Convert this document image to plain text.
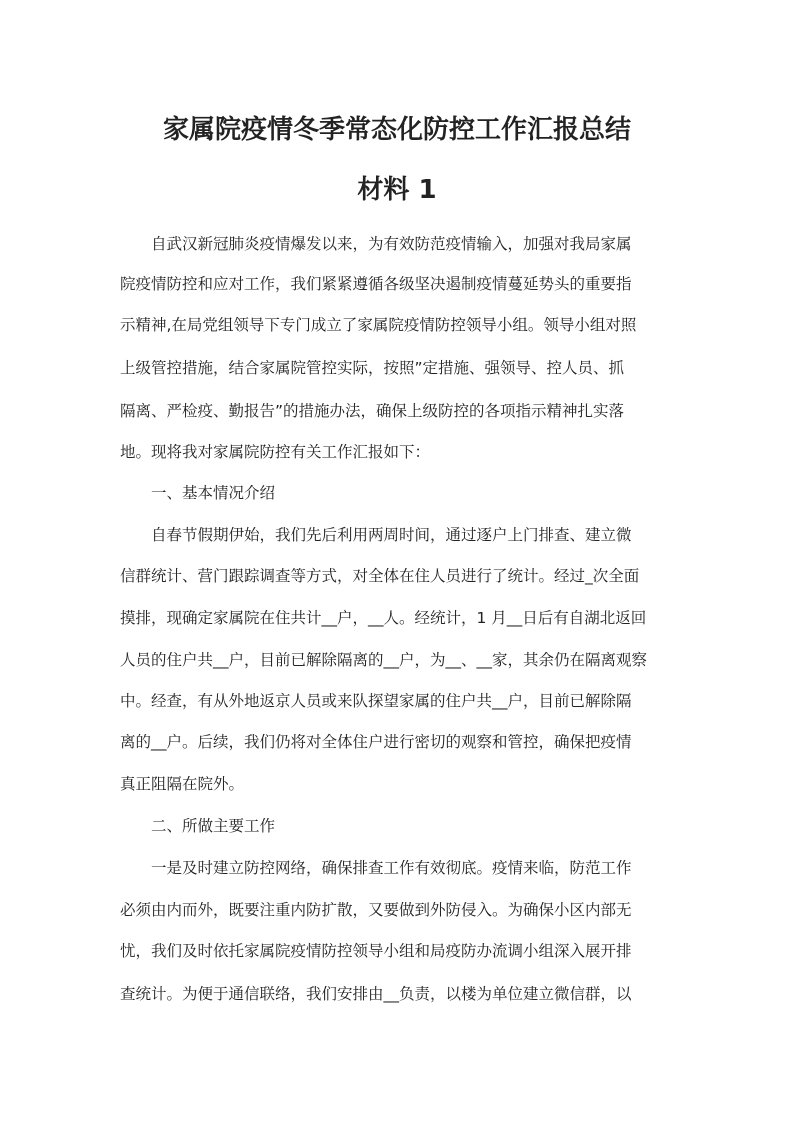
家属院疫情冬季常态化防控工作汇报总结
材料 1
自武汉新冠肺炎疫情爆发以来，为有效防范疫情输入，加强对我局家属
院疫情防控和应对工作，我们紧紧遵循各级坚决遏制疫情蔓延势头的重要指
示精神,在局党组领导下专门成立了家属院疫情防控领导小组。领导小组对照
上级管控措施，结合家属院管控实际，按照”定措施、强领导、控人员、抓
隔离、严检疫、勤报告”的措施办法，确保上级防控的各项指示精神扎实落
地。现将我对家属院防控有关工作汇报如下：
一、基本情况介绍
自春节假期伊始，我们先后利用两周时间，通过逐户上门排查、建立微
信群统计、营门跟踪调查等方式，对全体在住人员进行了统计。经过_次全面
摸排，现确定家属院在住共计__户，__人。经统计，1 月__日后有自湖北返回
人员的住户共__户，目前已解除隔离的__户，为__、__家，其余仍在隔离观察
中。经查，有从外地返京人员或来队探望家属的住户共__户，目前已解除隔
离的__户。后续，我们仍将对全体住户进行密切的观察和管控，确保把疫情
真正阻隔在院外。
二、所做主要工作
一是及时建立防控网络，确保排查工作有效彻底。疫情来临，防范工作
必须由内而外，既要注重内防扩散，又要做到外防侵入。为确保小区内部无
忧，我们及时依托家属院疫情防控领导小组和局疫防办流调小组深入展开排
查统计。为便于通信联络，我们安排由__负责，以楼为单位建立微信群，以
